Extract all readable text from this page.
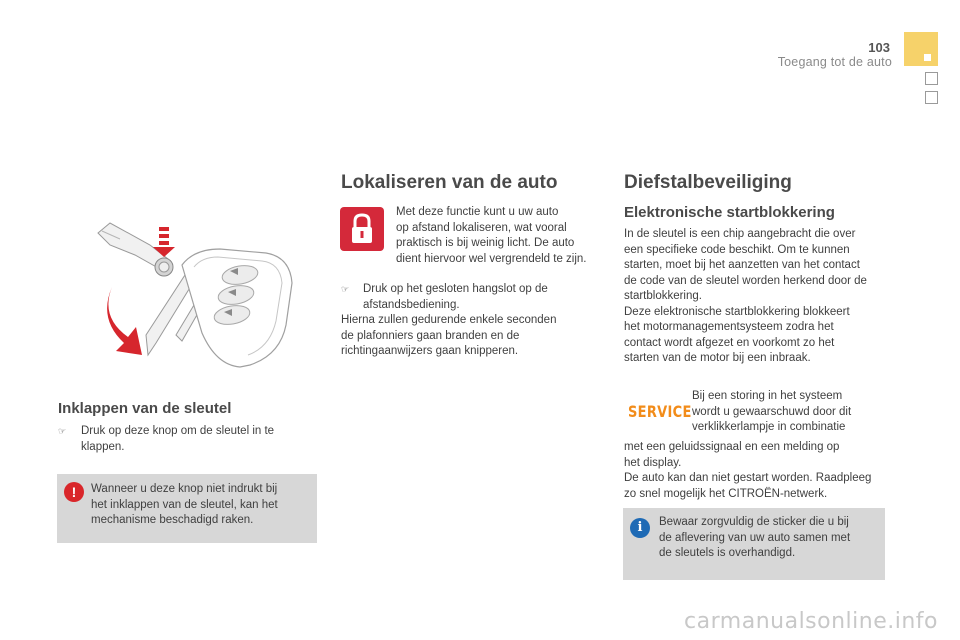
103
Toegang tot de auto
Inklappen van de sleutel
☞ Druk op deze knop om de sleutel in te
klappen.
!	Wanneer u deze knop niet indrukt bij
het inklappen van de sleutel, kan het
mechanisme beschadigd raken.
Lokaliseren van de auto
Met deze functie kunt u uw auto
op afstand lokaliseren, wat vooral
praktisch is bij weinig licht. De auto
dient hiervoor wel vergrendeld te zijn.
☞ Druk op het gesloten hangslot op de
afstandsbediening.
Hierna zullen gedurende enkele seconden
de plafonniers gaan branden en de
richtingaanwijzers gaan knipperen.
Diefstalbeveiliging
Elektronische startblokkering
In de sleutel is een chip aangebracht die over
een specifieke code beschikt. Om te kunnen
starten, moet bij het aanzetten van het contact
de code van de sleutel worden herkend door de
startblokkering.
Deze elektronische startblokkering blokkeert
het motormanagementsysteem zodra het
contact wordt afgezet en voorkomt zo het
starten van de motor bij een inbraak.
SERVICE
Bij een storing in het systeem
wordt u gewaarschuwd door dit
verklikkerlampje in combinatie
met een geluidssignaal en een melding op
het display.
De auto kan dan niet gestart worden. Raadpleeg
zo snel mogelijk het CITROËN-netwerk.
i	Bewaar zorgvuldig de sticker die u bij
de aflevering van uw auto samen met
de sleutels is overhandigd.
carmanualsonline.info
